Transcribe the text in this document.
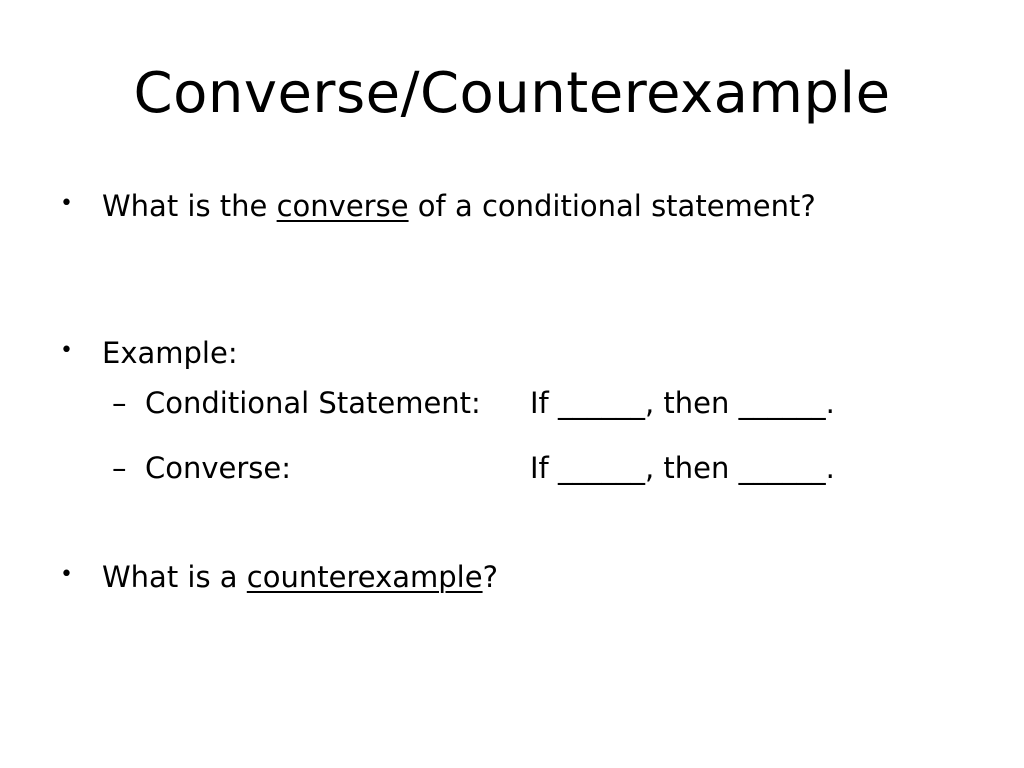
Converse/Counterexample
• What is the converse of a conditional statement?
• Example:
– Conditional Statement: If ______, then ______.
– Converse:	If ______, then ______.
• What is a counterexample?
